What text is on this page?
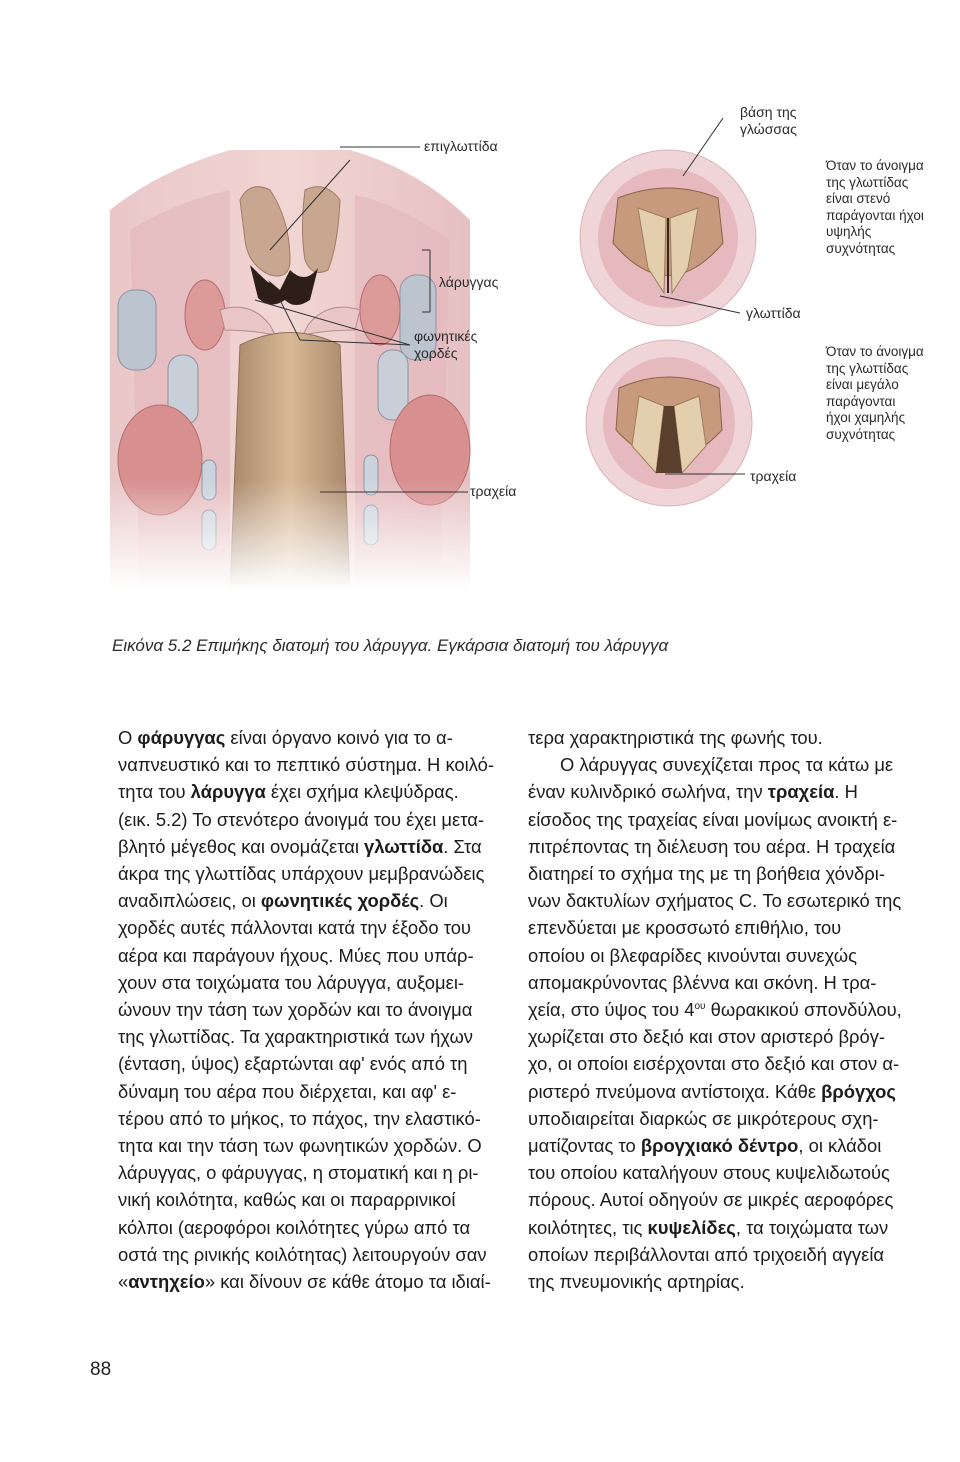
επιγλωττίδα
λάρυγγας
φωνητικές
χορδές
τραχεία
βάση της
γλώσσας
γλωττίδα
τραχεία
Όταν το άνοιγμα
της γλωττίδας
είναι στενό
παράγονται ήχοι
υψηλής
συχνότητας
Όταν το άνοιγμα
της γλωττίδας
είναι μεγάλο
παράγονται
ήχοι χαμηλής
συχνότητας
Εικόνα 5.2 Επιμήκης διατομή του λάρυγγα. Εγκάρσια διατομή του λάρυγγα
Ο φάρυγγας είναι όργανο κοινό για το α-
ναπνευστικό και το πεπτικό σύστημα. Η κοιλό-
τητα του λάρυγγα έχει σχήμα κλεψύδρας.
(εικ. 5.2) Το στενότερο άνοιγμά του έχει μετα-
βλητό μέγεθος και ονομάζεται γλωττίδα. Στα
άκρα της γλωττίδας υπάρχουν μεμβρανώδεις
αναδιπλώσεις, οι φωνητικές χορδές. Οι
χορδές αυτές πάλλονται κατά την έξοδο του
αέρα και παράγουν ήχους. Μύες που υπάρ-
χουν στα τοιχώματα του λάρυγγα, αυξομει-
ώνουν την τάση των χορδών και το άνοιγμα
της γλωττίδας. Τα χαρακτηριστικά των ήχων
(ένταση, ύψος) εξαρτώνται αφ' ενός από τη
δύναμη του αέρα που διέρχεται, και αφ' ε-
τέρου από το μήκος, το πάχος, την ελαστικό-
τητα και την τάση των φωνητικών χορδών. Ο
λάρυγγας, ο φάρυγγας, η στοματική και η ρι-
νική κοιλότητα, καθώς και οι παραρρινικοί
κόλποι (αεροφόροι κοιλότητες γύρω από τα
οστά της ρινικής κοιλότητας) λειτουργούν σαν
«αντηχείο» και δίνουν σε κάθε άτομο τα ιδιαί-
τερα χαρακτηριστικά της φωνής του.
Ο λάρυγγας συνεχίζεται προς τα κάτω με
έναν κυλινδρικό σωλήνα, την τραχεία. Η
είσοδος της τραχείας είναι μονίμως ανοικτή ε-
πιτρέποντας τη διέλευση του αέρα. Η τραχεία
διατηρεί το σχήμα της με τη βοήθεια χόνδρι-
νων δακτυλίων σχήματος C. Το εσωτερικό της
επενδύεται με κροσσωτό επιθήλιο, του
οποίου οι βλεφαρίδες κινούνται συνεχώς
απομακρύνοντας βλέννα και σκόνη. Η τρα-
χεία, στο ύψος του $4^{o\upsilon}$ θωρακικού σπονδύλου,
χωρίζεται στο δεξιό και στον αριστερό βρόγ-
χο, οι οποίοι εισέρχονται στο δεξιό και στον α-
ριστερό πνεύμονα αντίστοιχα. Κάθε βρόγχος
υποδιαιρείται διαρκώς σε μικρότερους σχη-
ματίζοντας το βρογχιακό δέντρο, οι κλάδοι
του οποίου καταλήγουν στους κυψελιδωτούς
πόρους. Αυτοί οδηγούν σε μικρές αεροφόρες
κοιλότητες, τις κυψελίδες, τα τοιχώματα των
οποίων περιβάλλονται από τριχοειδή αγγεία
της πνευμονικής αρτηρίας.
88
